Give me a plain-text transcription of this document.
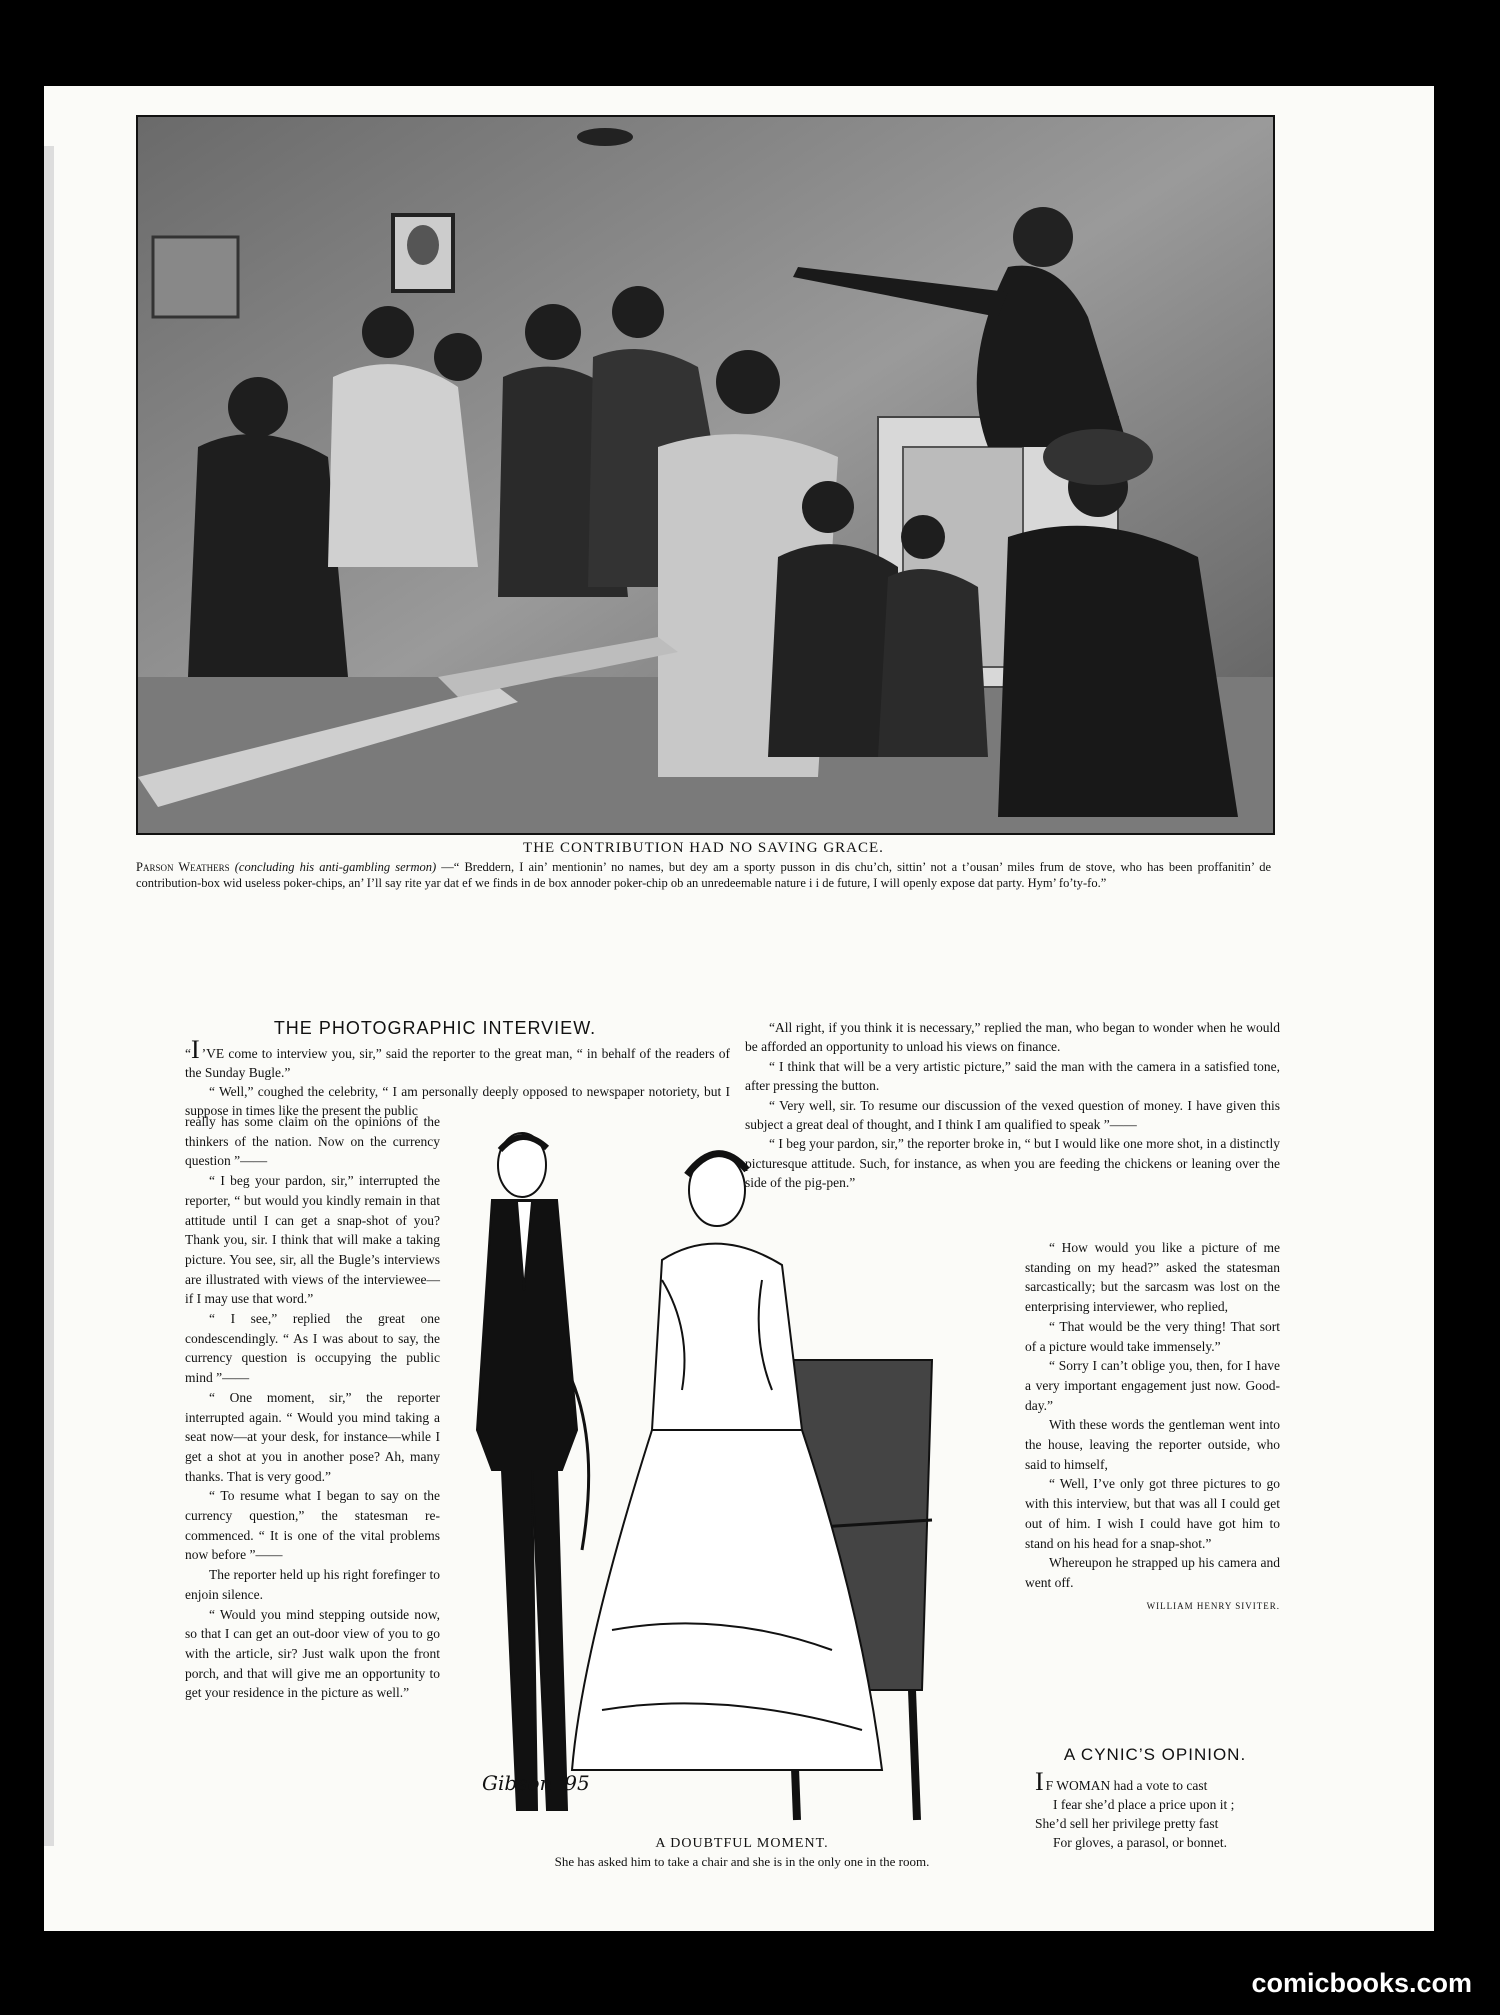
THE CONTRIBUTION HAD NO SAVING GRACE.
Parson Weathers (concluding his anti-gambling sermon) —“ Breddern, I ain’ mentionin’ no names, but dey am a sporty pusson in dis chu’ch, sittin’ not a t’ousan’ miles frum de stove, who has been proffanitin’ de contribution-box wid useless poker-chips, an’ I’ll say rite yar dat ef we finds in de box annoder poker-chip ob an unredeemable nature i i de future, I will openly expose dat party. Hym’ fo’ty-fo.”
THE PHOTOGRAPHIC INTERVIEW.

“I ’VE come to interview you, sir,” said the reporter to the great man, “ in behalf of the readers of the Sunday Bugle.”

“ Well,” coughed the celebrity, “ I am personally deeply opposed to newspaper notoriety, but I suppose in times like the present the public

really has some claim on the opinions of the thinkers of the nation. Now on the currency question ”——

“ I beg your pardon, sir,” interrupted the reporter, “ but would you kindly remain in that attitude until I can get a snap-shot of you? Thank you, sir. I think that will make a taking picture. You see, sir, all the Bugle’s interviews are illustrated with views of the interviewee—if I may use that word.”

“ I see,” replied the great one condescendingly. “ As I was about to say, the currency question is occupying the public mind ”——

“ One moment, sir,” the reporter interrupted again. “ Would you mind taking a seat now—at your desk, for instance—while I get a shot at you in another pose? Ah, many thanks. That is very good.”

“ To resume what I began to say on the currency question,” the statesman re-commenced. “ It is one of the vital problems now before ”——

The reporter held up his right forefinger to enjoin silence.

“ Would you mind stepping outside now, so that I can get an out-door view of you to go with the article, sir? Just walk upon the front porch, and that will give me an opportunity to get your residence in the picture as well.”

“All right, if you think it is necessary,” replied the man, who began to wonder when he would be afforded an opportunity to unload his views on finance.

“ I think that will be a very artistic picture,” said the man with the camera in a satisfied tone, after pressing the button.

“ Very well, sir. To resume our discussion of the vexed question of money. I have given this subject a great deal of thought, and I think I am qualified to speak ”——

“ I beg your pardon, sir,” the reporter broke in, “ but I would like one more shot, in a distinctly picturesque attitude. Such, for instance, as when you are feeding the chickens or leaning over the side of the pig-pen.”

“ How would you like a picture of me standing on my head?” asked the statesman sarcastically; but the sarcasm was lost on the enterprising interviewer, who replied,

“ That would be the very thing! That sort of a picture would take immensely.”

“ Sorry I can’t oblige you, then, for I have a very important engagement just now. Good-day.”

With these words the gentleman went into the house, leaving the reporter outside, who said to himself,

“ Well, I’ve only got three pictures to go with this interview, but that was all I could get out of him. I wish I could have got him to stand on his head for a snap-shot.”

Whereupon he strapped up his camera and went off.

WILLIAM HENRY SIVITER.
Gibson '95
A DOUBTFUL MOMENT.
She has asked him to take a chair and she is in the only one in the room.
A CYNIC’S OPINION.
I F WOMAN had a vote to cast
I fear she’d place a price upon it ;
She’d sell her privilege pretty fast
For gloves, a parasol, or bonnet.
comicbooks.com
